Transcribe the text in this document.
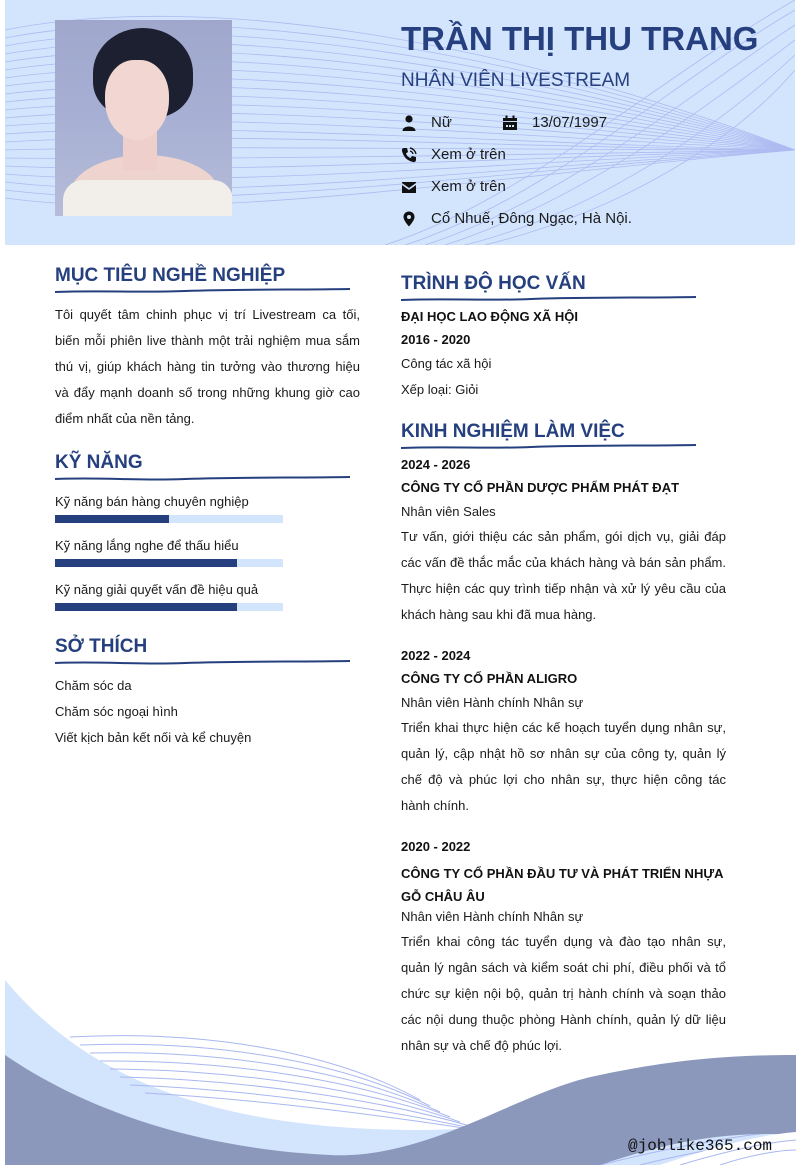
TRẦN THỊ THU TRANG
NHÂN VIÊN LIVESTREAM
Nữ	13/07/1997
Xem ở trên
Xem ở trên
Cổ Nhuế, Đông Ngạc, Hà Nội.
MỤC TIÊU NGHỀ NGHIỆP
Tôi quyết tâm chinh phục vị trí Livestream ca tối, biến mỗi phiên live thành một trải nghiệm mua sắm thú vị, giúp khách hàng tin tưởng vào thương hiệu và đẩy mạnh doanh số trong những khung giờ cao điểm nhất của nền tảng.
KỸ NĂNG
Kỹ năng bán hàng chuyên nghiệp
Kỹ năng lắng nghe để thấu hiểu
Kỹ năng giải quyết vấn đề hiệu quả
SỞ THÍCH
Chăm sóc da
Chăm sóc ngoại hình
Viết kịch bản kết nối và kể chuyện
TRÌNH ĐỘ HỌC VẤN
ĐẠI HỌC LAO ĐỘNG XÃ HỘI
2016 - 2020
Công tác xã hội
Xếp loại: Giỏi
KINH NGHIỆM LÀM VIỆC
2024 - 2026
CÔNG TY CỔ PHẦN DƯỢC PHẨM PHÁT ĐẠT
Nhân viên Sales
Tư vấn, giới thiệu các sản phẩm, gói dịch vụ, giải đáp các vấn đề thắc mắc của khách hàng và bán sản phẩm. Thực hiện các quy trình tiếp nhận và xử lý yêu cầu của khách hàng sau khi đã mua hàng.
2022 - 2024
CÔNG TY CỔ PHẦN ALIGRO
Nhân viên Hành chính Nhân sự
Triển khai thực hiện các kế hoạch tuyển dụng nhân sự, quản lý, cập nhật hồ sơ nhân sự của công ty, quản lý chế độ và phúc lợi cho nhân sự, thực hiện công tác hành chính.
2020 - 2022
CÔNG TY CỔ PHẦN ĐẦU TƯ VÀ PHÁT TRIỂN NHỰA GỖ CHÂU ÂU
Nhân viên Hành chính Nhân sự
Triển khai công tác tuyển dụng và đào tạo nhân sự, quản lý ngân sách và kiểm soát chi phí, điều phối và tổ chức sự kiện nội bộ, quản trị hành chính và soạn thảo các nội dung thuộc phòng Hành chính, quản lý dữ liệu nhân sự và chế độ phúc lợi.
@joblike365.com
